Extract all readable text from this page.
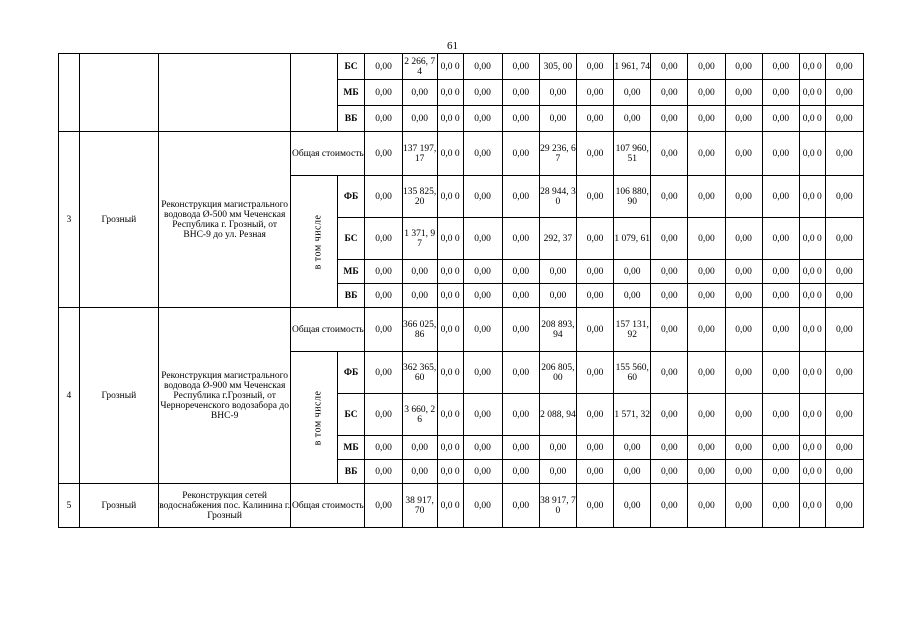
61
				БС	0,00	2 266, 74	0,0 0	0,00	0,00	305, 00	0,00	1 961, 74	0,00	0,00	0,00	0,00	0,0 0	0,00
				МБ	0,00	0,00	0,0 0	0,00	0,00	0,00	0,00	0,00	0,00	0,00	0,00	0,00	0,0 0	0,00
				ВБ	0,00	0,00	0,0 0	0,00	0,00	0,00	0,00	0,00	0,00	0,00	0,00	0,00	0,0 0	0,00
3	Грозный	Реконструкция магистрального водовода Ø-500 мм Чеченская Республика г. Грозный, от ВНС-9 до ул. Резная	Общая стоимость		0,00	137 197, 17	0,0 0	0,00	0,00	29 236, 67	0,00	107 960, 51	0,00	0,00	0,00	0,00	0,0 0	0,00
			в том числе	ФБ	0,00	135 825, 20	0,0 0	0,00	0,00	28 944, 30	0,00	106 880, 90	0,00	0,00	0,00	0,00	0,0 0	0,00
				БС	0,00	1 371, 97	0,0 0	0,00	0,00	292, 37	0,00	1 079, 61	0,00	0,00	0,00	0,00	0,0 0	0,00
				МБ	0,00	0,00	0,0 0	0,00	0,00	0,00	0,00	0,00	0,00	0,00	0,00	0,00	0,0 0	0,00
				ВБ	0,00	0,00	0,0 0	0,00	0,00	0,00	0,00	0,00	0,00	0,00	0,00	0,00	0,0 0	0,00
4	Грозный	Реконструкция магистрального водовода Ø-900 мм Чеченская Республика г.Грозный, от Чернореченского водозабора до ВНС-9	Общая стоимость		0,00	366 025, 86	0,0 0	0,00	0,00	208 893, 94	0,00	157 131, 92	0,00	0,00	0,00	0,00	0,0 0	0,00
			в том числе	ФБ	0,00	362 365, 60	0,0 0	0,00	0,00	206 805, 00	0,00	155 560, 60	0,00	0,00	0,00	0,00	0,0 0	0,00
				БС	0,00	3 660, 26	0,0 0	0,00	0,00	2 088, 94	0,00	1 571, 32	0,00	0,00	0,00	0,00	0,0 0	0,00
				МБ	0,00	0,00	0,0 0	0,00	0,00	0,00	0,00	0,00	0,00	0,00	0,00	0,00	0,0 0	0,00
				ВБ	0,00	0,00	0,0 0	0,00	0,00	0,00	0,00	0,00	0,00	0,00	0,00	0,00	0,0 0	0,00
5	Грозный	Реконструкция сетей водоснабжения пос. Калинина г. Грозный	Общая стоимость		0,00	38 917, 70	0,0 0	0,00	0,00	38 917, 70	0,00	0,00	0,00	0,00	0,00	0,00	0,0 0	0,00
